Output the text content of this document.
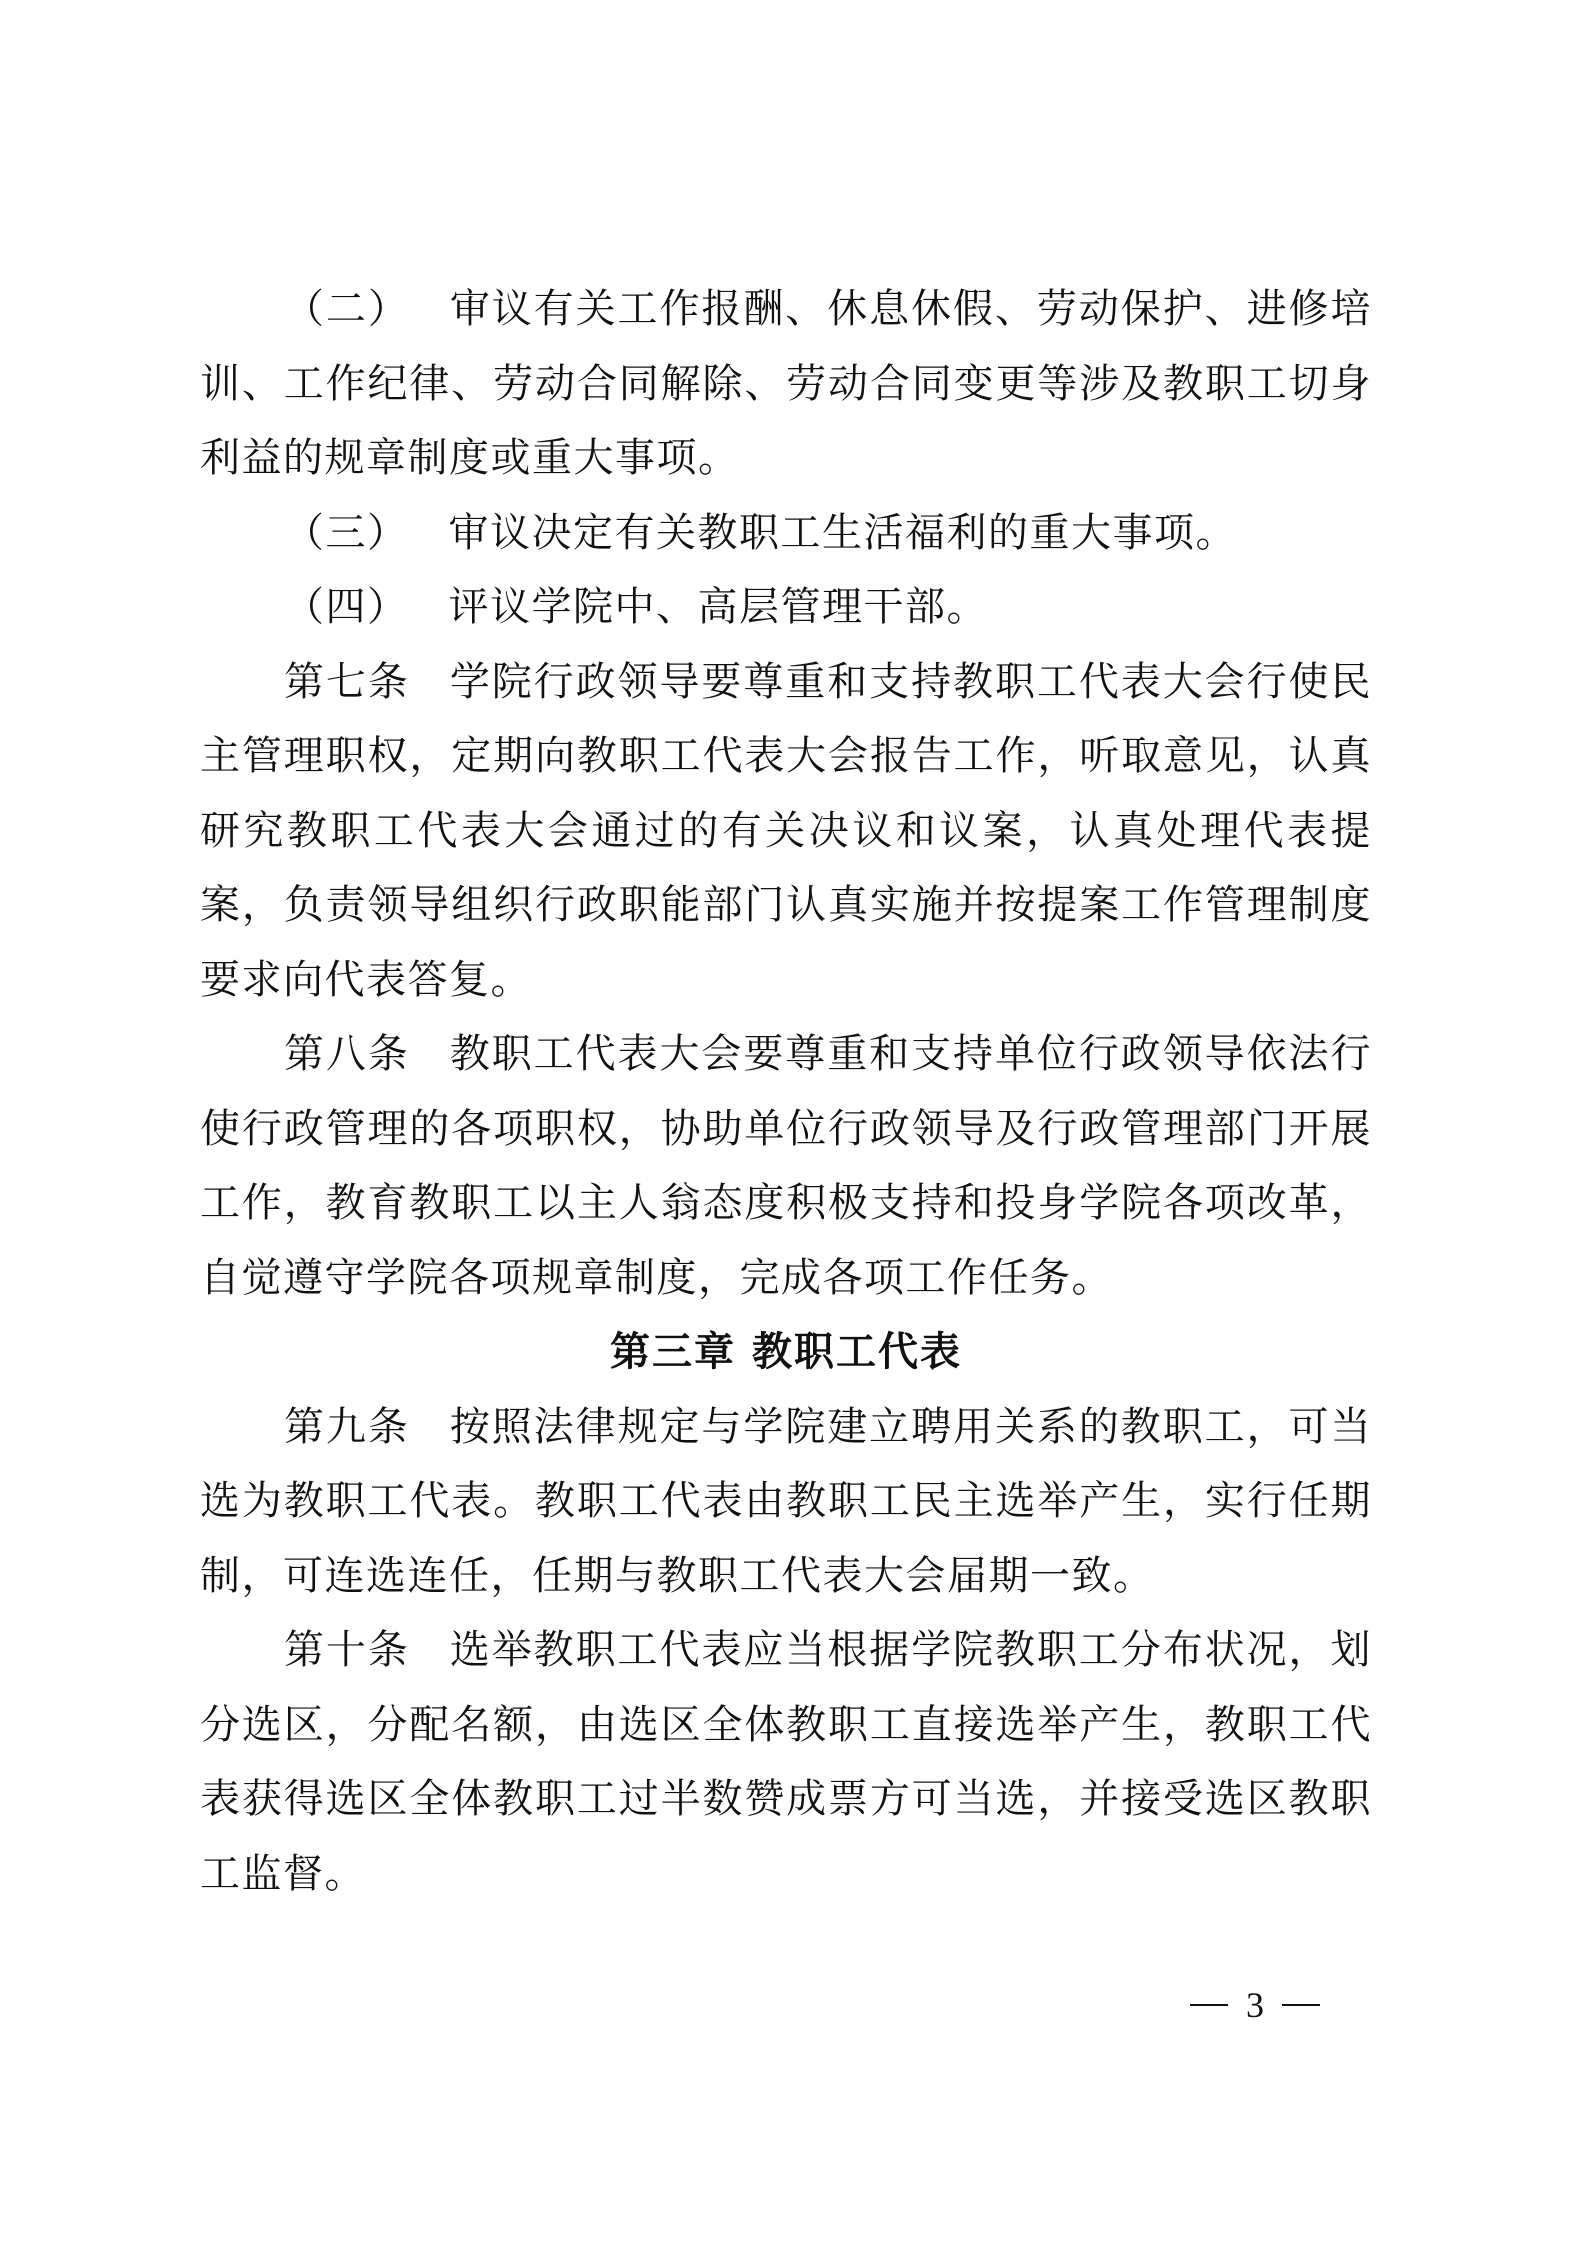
（二） 审议有关工作报酬、休息休假、劳动保护、进修培训、工作纪律、劳动合同解除、劳动合同变更等涉及教职工切身利益的规章制度或重大事项。

（三） 审议决定有关教职工生活福利的重大事项。

（四） 评议学院中、高层管理干部。

第七条 学院行政领导要尊重和支持教职工代表大会行使民主管理职权，定期向教职工代表大会报告工作，听取意见，认真研究教职工代表大会通过的有关决议和议案，认真处理代表提案，负责领导组织行政职能部门认真实施并按提案工作管理制度要求向代表答复。

第八条 教职工代表大会要尊重和支持单位行政领导依法行使行政管理的各项职权，协助单位行政领导及行政管理部门开展工作，教育教职工以主人翁态度积极支持和投身学院各项改革，自觉遵守学院各项规章制度，完成各项工作任务。

第三章 教职工代表

第九条 按照法律规定与学院建立聘用关系的教职工，可当选为教职工代表。教职工代表由教职工民主选举产生，实行任期制，可连选连任，任期与教职工代表大会届期一致。

第十条 选举教职工代表应当根据学院教职工分布状况，划分选区，分配名额，由选区全体教职工直接选举产生，教职工代表获得选区全体教职工过半数赞成票方可当选，并接受选区教职工监督。

3
